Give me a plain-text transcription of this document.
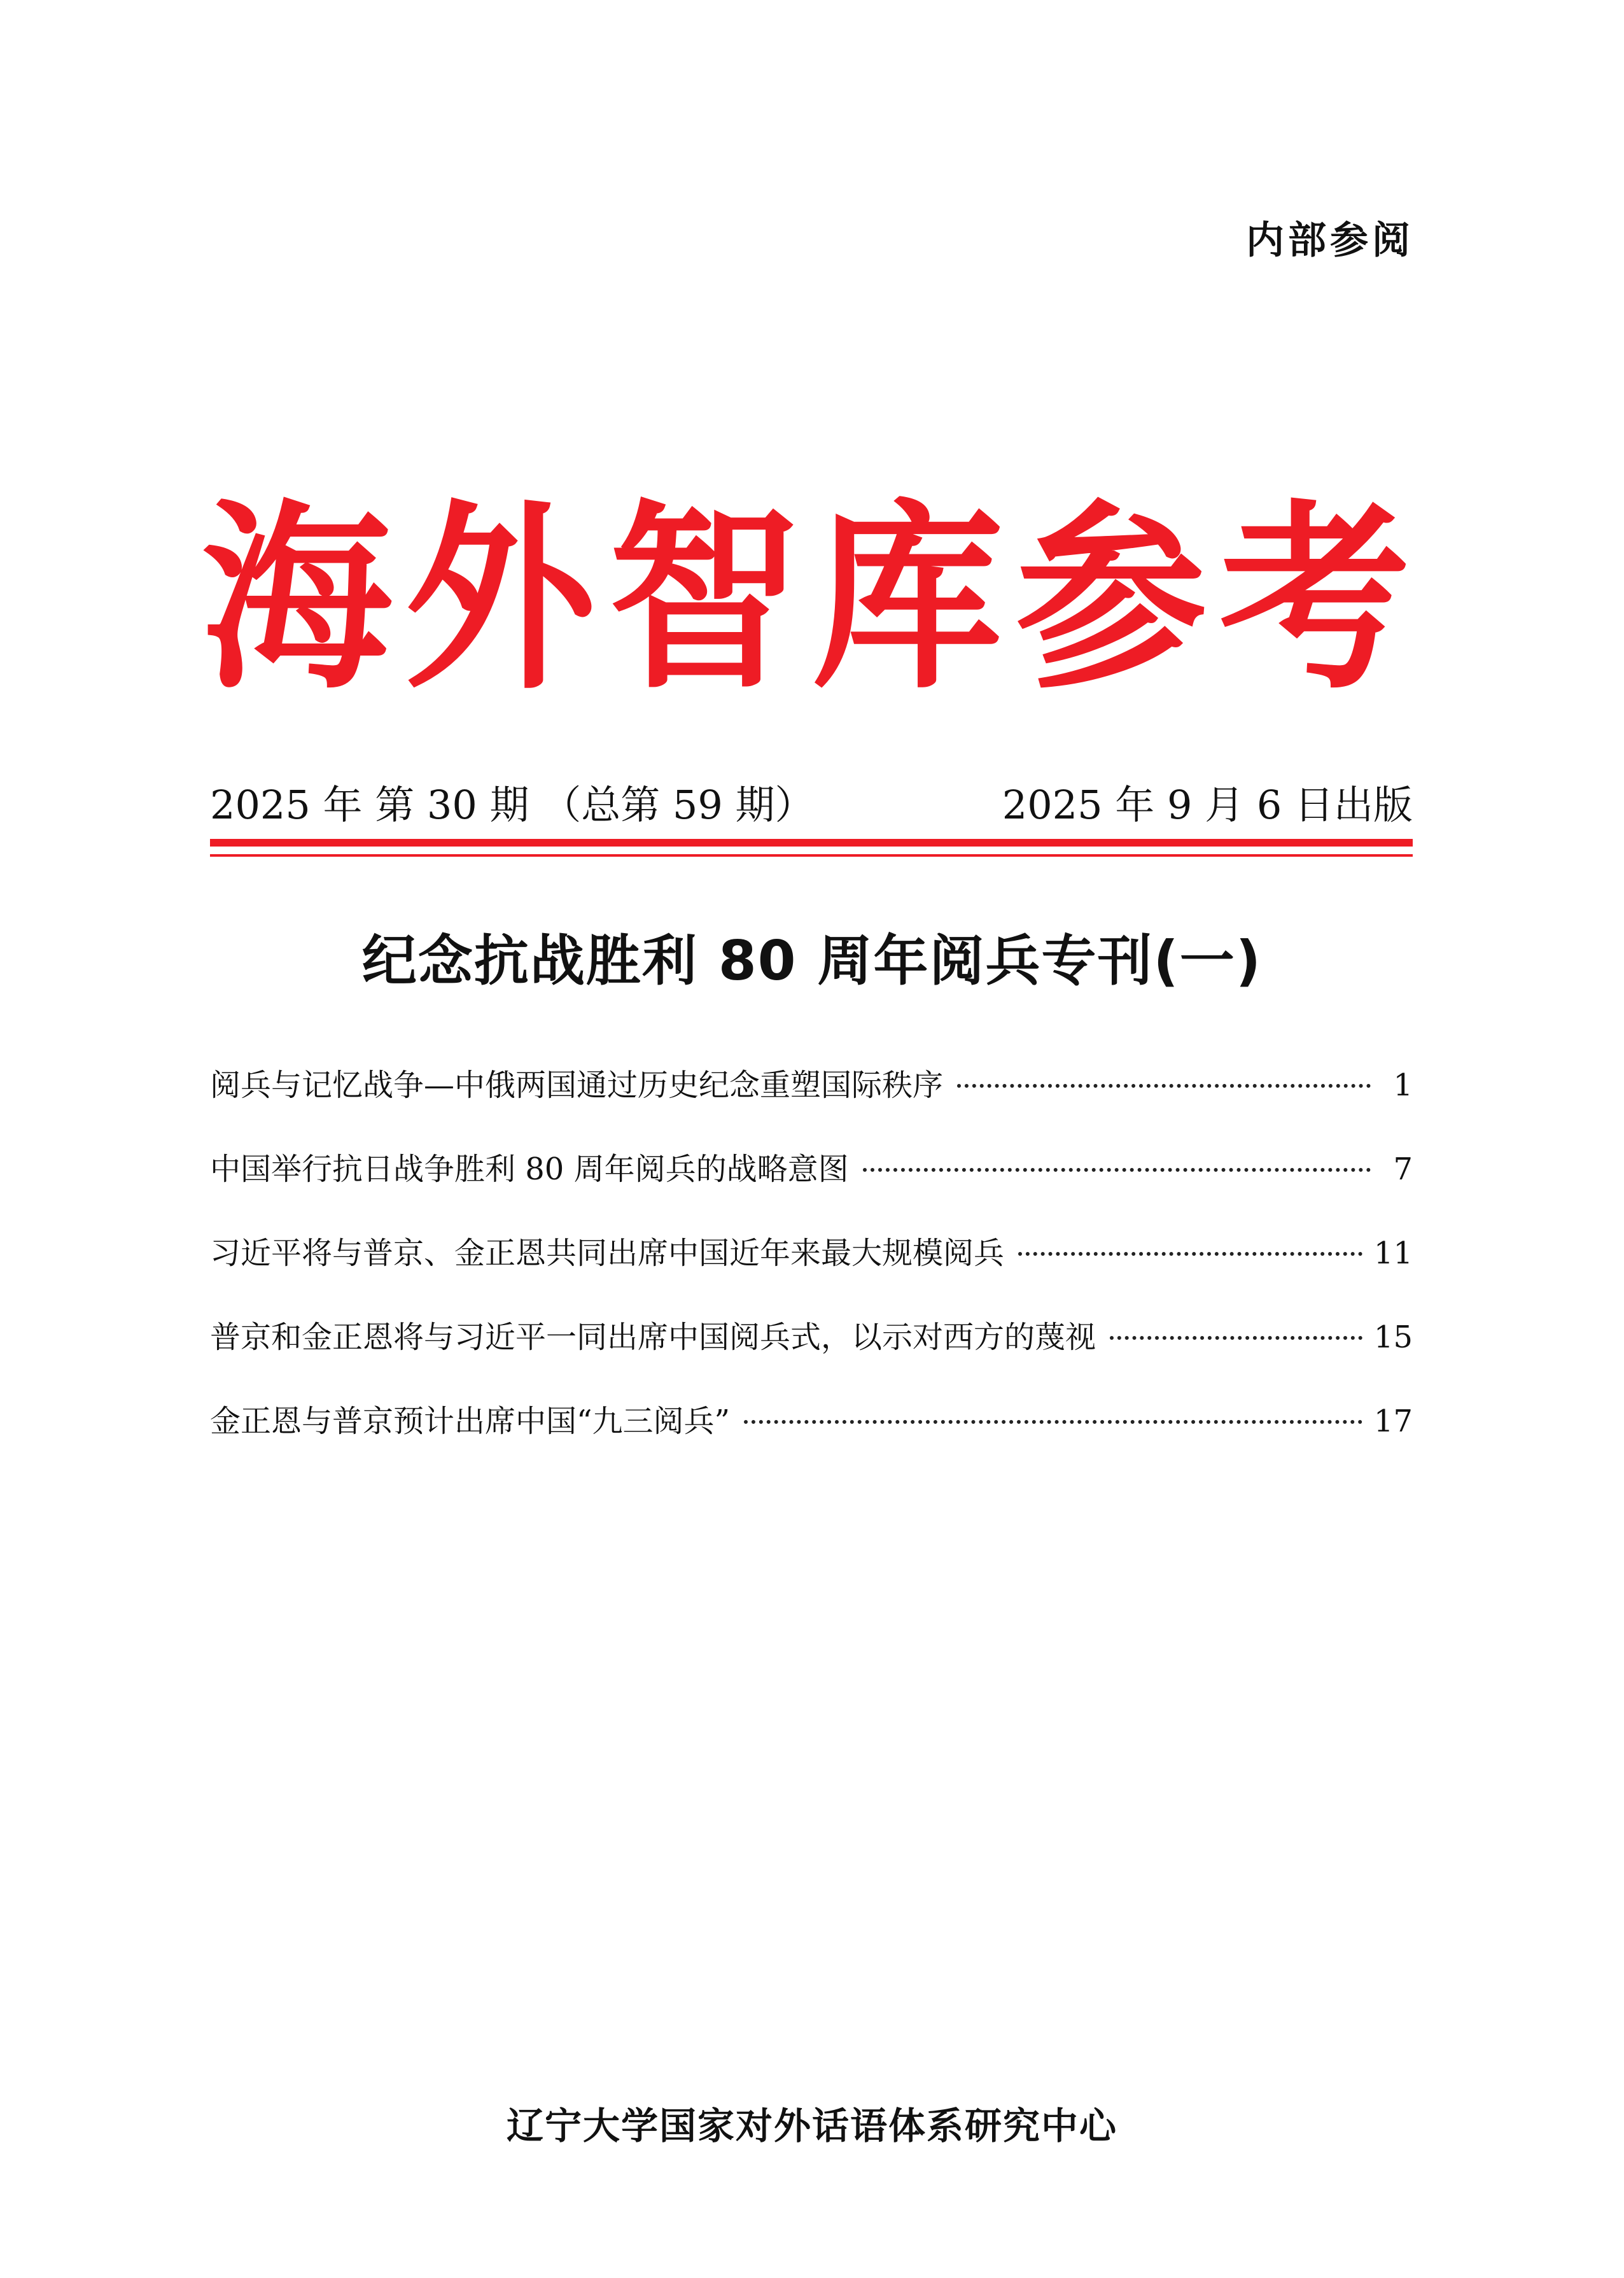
内部参阅
海外智库参考
2025 年 第 30 期 （总第 59 期）	2025 年 9 月 6 日出版
纪念抗战胜利 80 周年阅兵专刊(一)
阅兵与记忆战争—中俄两国通过历史纪念重塑国际秩序	1
中国举行抗日战争胜利 80 周年阅兵的战略意图	7
习近平将与普京、金正恩共同出席中国近年来最大规模阅兵	11
普京和金正恩将与习近平一同出席中国阅兵式，以示对西方的蔑视	15
金正恩与普京预计出席中国“九三阅兵”	17
辽宁大学国家对外话语体系研究中心
